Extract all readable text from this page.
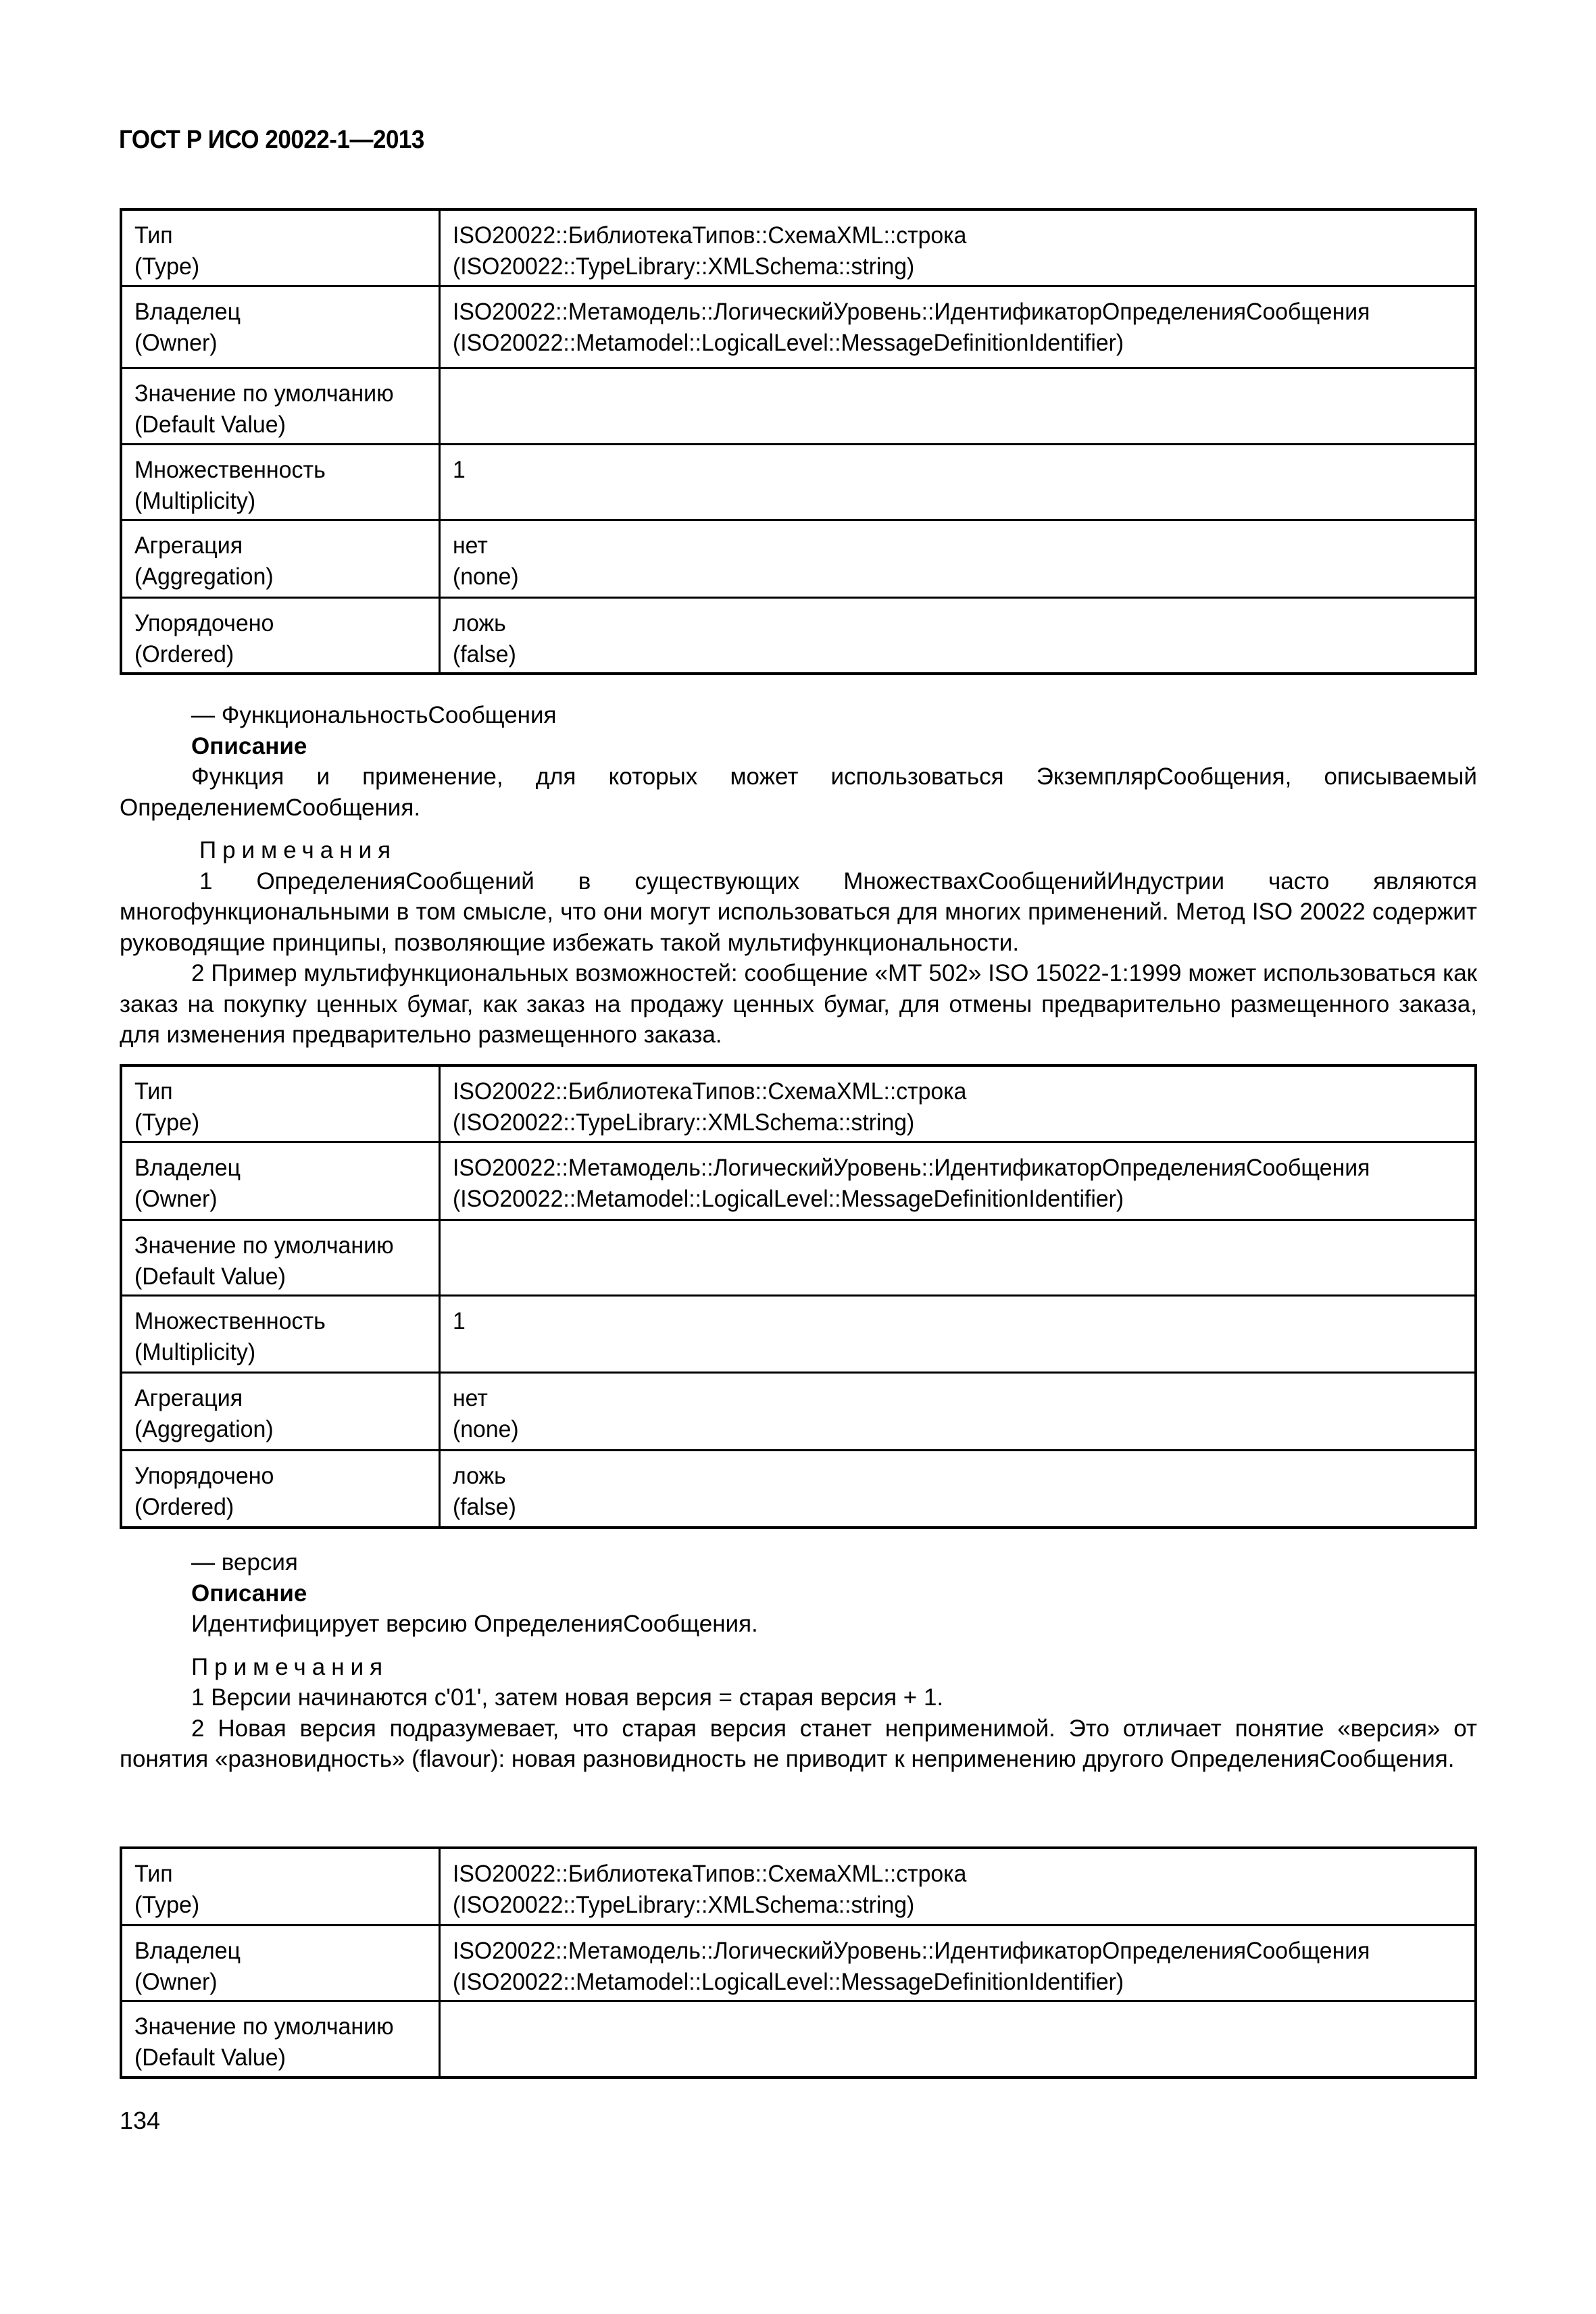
ГОСТ Р ИСО 20022-1—2013
Тип
(Type)	ISO20022::БиблиотекаТипов::СхемаXML::строка
(ISO20022::TypeLibrary::XMLSchema::string)

Владелец
(Owner)	ISO20022::Метамодель::ЛогическийУровень::ИдентификаторОпределенияСообщения
(ISO20022::Metamodel::LogicalLevel::MessageDefinitionIdentifier)

Значение по умолчанию
(Default Value)	

Множественность
(Multiplicity)	1

Агрегация
(Aggregation)	нет
(none)

Упорядочено
(Ordered)	ложь
(false)

— ФункциональностьСообщения

Описание

Функция и применение, для которых может использоваться ЭкземплярСообщения, описываемый ОпределениемСообщения.

Примечания

1 ОпределенияСообщений в существующих МножествахСообщенийИндустрии часто являются многофункциональными в том смысле, что они могут использоваться для многих применений. Метод ISO 20022 содержит руководящие принципы, позволяющие избежать такой мультифункциональности.

2 Пример мультифункциональных возможностей: сообщение «МТ 502» ISO 15022-1:1999 может использоваться как заказ на покупку ценных бумаг, как заказ на продажу ценных бумаг, для отмены предварительно размещенного заказа, для изменения предварительно размещенного заказа.

Тип
(Type)	ISO20022::БиблиотекаТипов::СхемаXML::строка
(ISO20022::TypeLibrary::XMLSchema::string)

Владелец
(Owner)	ISO20022::Метамодель::ЛогическийУровень::ИдентификаторОпределенияСообщения
(ISO20022::Metamodel::LogicalLevel::MessageDefinitionIdentifier)

Значение по умолчанию
(Default Value)	

Множественность
(Multiplicity)	1

Агрегация
(Aggregation)	нет
(none)

Упорядочено
(Ordered)	ложь
(false)

— версия

Описание

Идентифицирует версию ОпределенияСообщения.

Примечания

1 Версии начинаются с'01', затем новая версия = старая версия + 1.

2 Новая версия подразумевает, что старая версия станет неприменимой. Это отличает понятие «версия» от понятия «разновидность» (flavour): новая разновидность не приводит к неприменению другого ОпределенияСообщения.

Тип
(Type)	ISO20022::БиблиотекаТипов::СхемаXML::строка
(ISO20022::TypeLibrary::XMLSchema::string)

Владелец
(Owner)	ISO20022::Метамодель::ЛогическийУровень::ИдентификаторОпределенияСообщения
(ISO20022::Metamodel::LogicalLevel::MessageDefinitionIdentifier)

Значение по умолчанию
(Default Value)	

134
